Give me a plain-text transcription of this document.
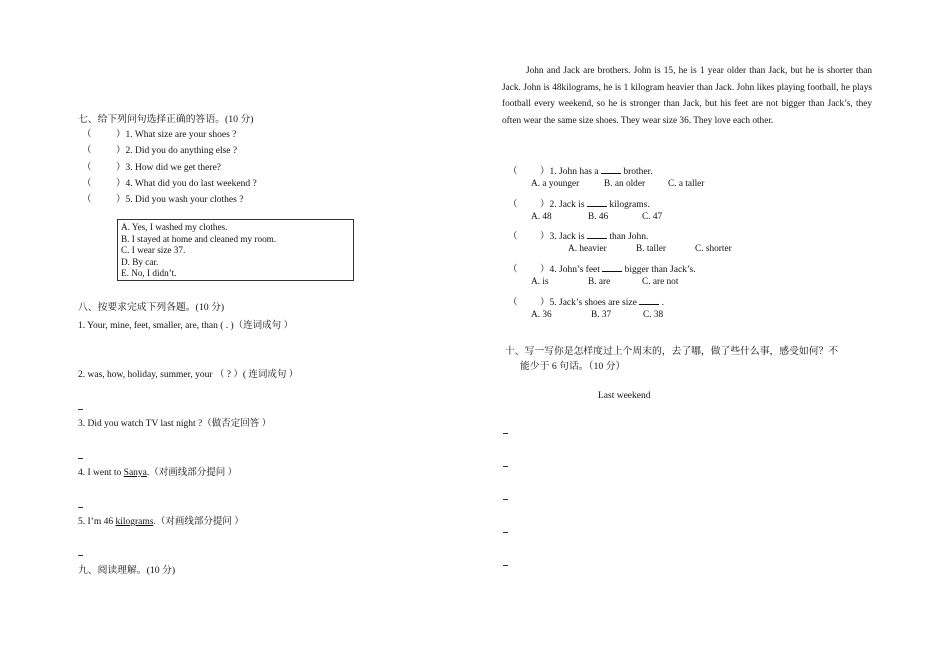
七、给下列问句选择正确的答语。(10 分)
（	）1. What size are your shoes ?
（	）2. Did you do anything else ?
（	）3. How did we get there?
（	）4. What did you do last weekend ?
（	）5. Did you wash your clothes ?
A. Yes, I washed my clothes.
B. I stayed at home and cleaned my room.
C. I wear size 37.
D. By car.
E. No, I didn’t.
八、按要求完成下列各题。(10 分)
1. Your, mine, feet, smaller, are, than ( . )（连词成句 ）
2. was, how, holiday, summer, your （ ? ）( 连词成句 ）
3. Did you watch TV last night ?（做否定回答 ）
4. I went to Sanya.（对画线部分提问 ）
5. I’m 46 kilograms.（对画线部分提问 ）
九、阅读理解。(10 分)
John and Jack are brothers. John is 15, he is 1 year older than Jack, but he is shorter than Jack. John is 48kilograms, he is 1 kilogram heavier than Jack. John likes playing football, he plays football every weekend, so he is stronger than Jack, but his feet are not bigger than Jack’s, they often wear the same size shoes. They wear size 36. They love each other.
（ ）1. John has a  brother.
A. a younger	B. an older C. a taller
（ ）2. Jack is  kilograms.
A. 48	B. 46	C. 47
（ ）3. Jack is  than John.
A. heavier	B. taller	C. shorter
（ ）4. John’s feet  bigger than Jack’s.
A. is	B. are	C. are not
（ ）5. Jack’s shoes are size  .
A. 36	B. 37	C. 38
十、写一写你是怎样度过上个周末的，去了哪，做了些什么事，感受如何？不
能少于 6 句话。（10 分）
Last weekend
